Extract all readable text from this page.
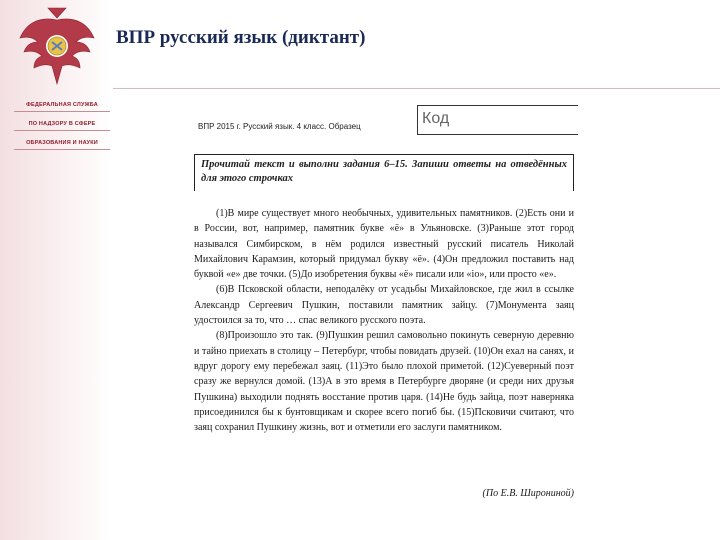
ФЕДЕРАЛЬНАЯ СЛУЖБА
ПО НАДЗОРУ В СФЕРЕ
ОБРАЗОВАНИЯ И НАУКИ
ВПР русский язык (диктант)
ВПР 2015 г. Русский язык. 4 класс. Образец	Код
Прочитай текст и выполни задания 6–15. Запиши ответы на отведённых для этого строчках

(1)В мире существует много необычных, удивительных памятников. (2)Есть они и в России, вот, например, памятник букве «ё» в Ульяновске. (3)Раньше этот город назывался Симбирском, в нём родился известный русский писатель Николай Михайлович Карамзин, который придумал букву «ё». (4)Он предложил поставить над буквой «е» две точки. (5)До изобретения буквы «ё» писали или «io», или просто «е».

(6)В Псковской области, неподалёку от усадьбы Михайловское, где жил в ссылке Александр Сергеевич Пушкин, поставили памятник зайцу. (7)Монумента заяц удостоился за то, что … спас великого русского поэта.

(8)Произошло это так. (9)Пушкин решил самовольно покинуть северную деревню и тайно приехать в столицу – Петербург, чтобы повидать друзей. (10)Он ехал на санях, и вдруг дорогу ему перебежал заяц. (11)Это было плохой приметой. (12)Суеверный поэт сразу же вернулся домой. (13)А в это время в Петербурге дворяне (и среди них друзья Пушкина) выходили поднять восстание против царя. (14)Не будь зайца, поэт наверняка присоединился бы к бунтовщикам и скорее всего погиб бы. (15)Псковичи считают, что заяц сохранил Пушкину жизнь, вот и отметили его заслуги памятником.

(По Е.В. Широниной)
